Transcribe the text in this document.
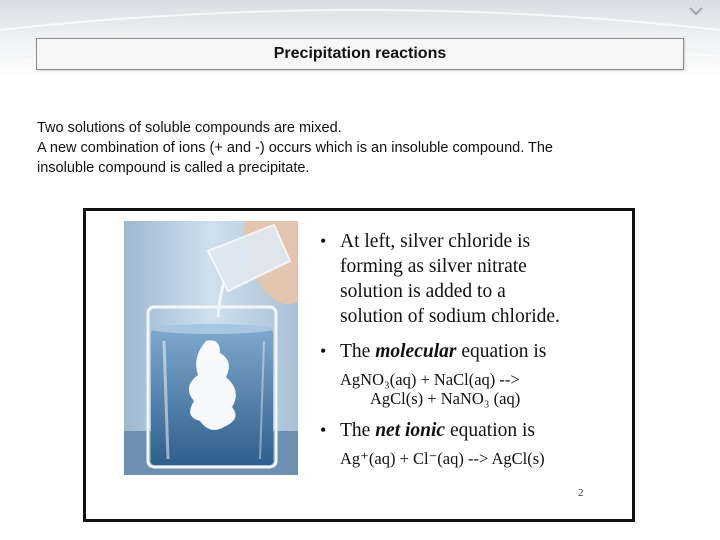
Precipitation reactions
Two solutions of soluble compounds are mixed.
A new combination of ions (+ and -) occurs which is an insoluble compound. The
insoluble compound is called a precipitate.
• At left, silver chloride is
forming as silver nitrate
solution is added to a
solution of sodium chloride.
• The molecular equation is
AgNO₃(aq) + NaCl(aq) -->
AgCl(s) + NaNO₃ (aq)
• The net ionic equation is
Ag⁺(aq) + Cl⁻(aq) --> AgCl(s)
2
